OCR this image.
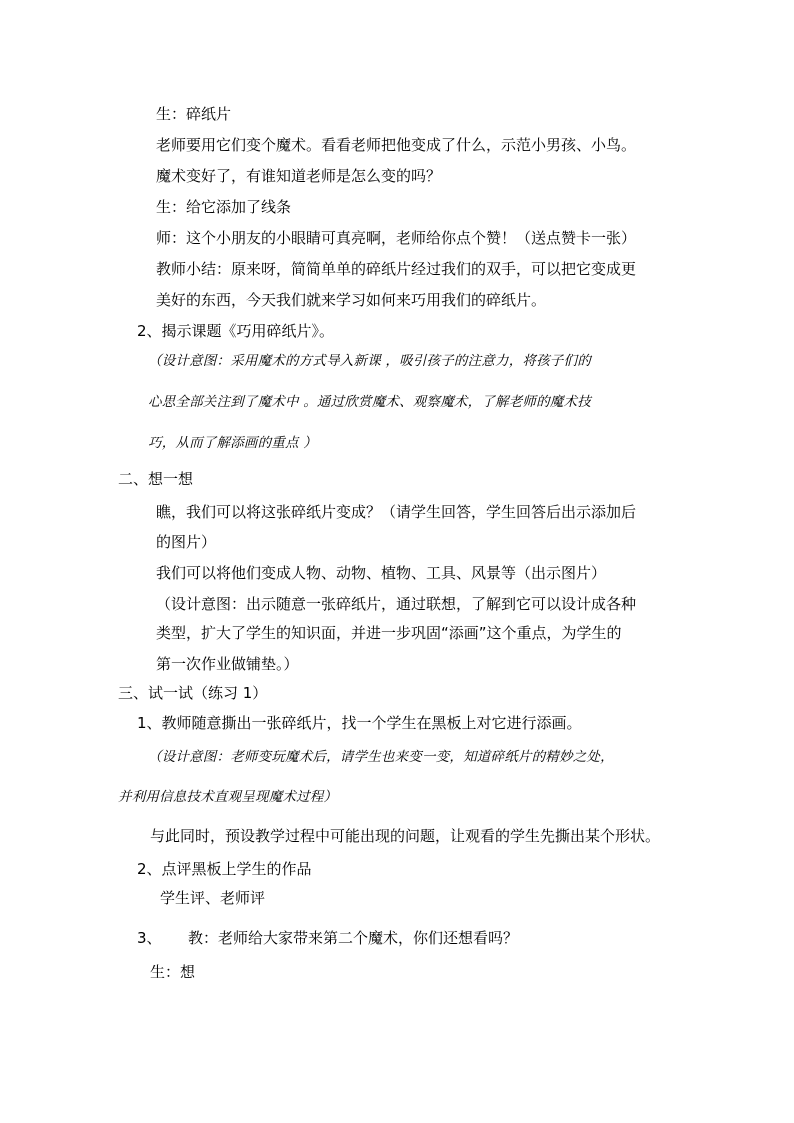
生：碎纸片
老师要用它们变个魔术。看看老师把他变成了什么，示范小男孩、小鸟。
魔术变好了，有谁知道老师是怎么变的吗？
生：给它添加了线条
师：这个小朋友的小眼睛可真亮啊，老师给你点个赞！（送点赞卡一张）
教师小结：原来呀，简简单单的碎纸片经过我们的双手，可以把它变成更
美好的东西，今天我们就来学习如何来巧用我们的碎纸片。
2、揭示课题《巧用碎纸片》。
（设计意图：采用魔术的方式导入新课 ，吸引孩子的注意力，将孩子们的
心思全部关注到了魔术中 。通过欣赏魔术、观察魔术，了解老师的魔术技
巧，从而了解添画的重点 ）
二、想一想
瞧，我们可以将这张碎纸片变成？（请学生回答，学生回答后出示添加后
的图片）
我们可以将他们变成人物、动物、植物、工具、风景等（出示图片）
（设计意图：出示随意一张碎纸片，通过联想，了解到它可以设计成各种
类型，扩大了学生的知识面，并进一步巩固“添画”这个重点，为学生的
第一次作业做铺垫。）
三、试一试（练习 1）
1、教师随意撕出一张碎纸片，找一个学生在黑板上对它进行添画。
（设计意图：老师变玩魔术后，请学生也来变一变，知道碎纸片的精妙之处，
并利用信息技术直观呈现魔术过程）
与此同时，预设教学过程中可能出现的问题，让观看的学生先撕出某个形状。
2、点评黑板上学生的作品
学生评、老师评
3、 教：老师给大家带来第二个魔术，你们还想看吗？
生：想
